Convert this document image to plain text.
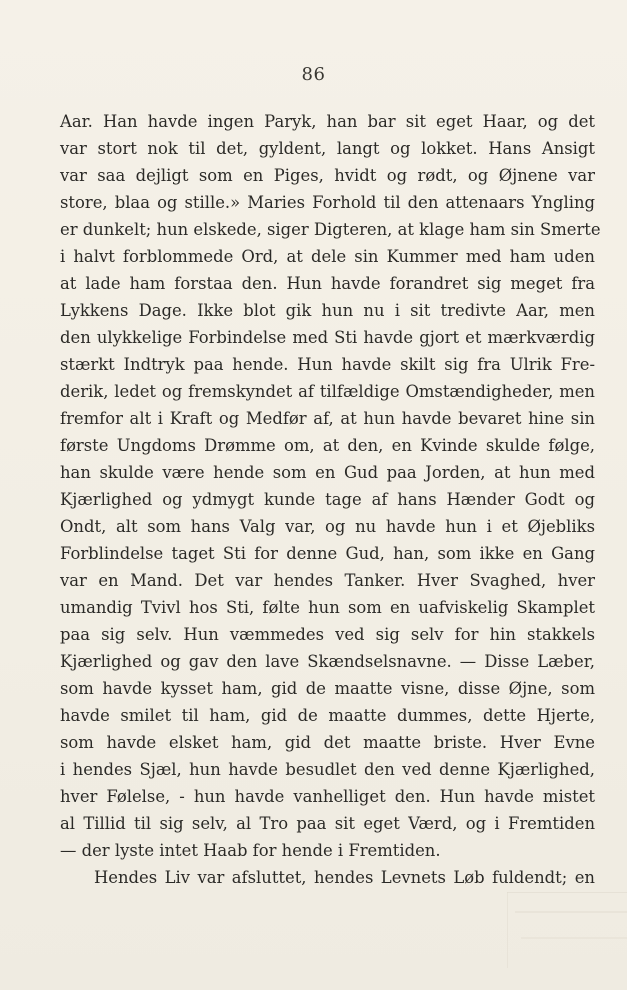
86
Aar. Han havde ingen Paryk, han bar sit eget Haar, og det
var stort nok til det, gyldent, langt og lokket. Hans Ansigt
var saa dejligt som en Piges, hvidt og rødt, og Øjnene var
store, blaa og stille.» Maries Forhold til den attenaars Yngling
er dunkelt; hun elskede, siger Digteren, at klage ham sin Smerte
i halvt forblommede Ord, at dele sin Kummer med ham uden
at lade ham forstaa den. Hun havde forandret sig meget fra
Lykkens Dage. Ikke blot gik hun nu i sit tredivte Aar, men
den ulykkelige Forbindelse med Sti havde gjort et mærkværdig
stærkt Indtryk paa hende. Hun havde skilt sig fra Ulrik Fre-
derik, ledet og fremskyndet af tilfældige Omstændigheder, men
fremfor alt i Kraft og Medfør af, at hun havde bevaret hine sin
første Ungdoms Drømme om, at den, en Kvinde skulde følge,
han skulde være hende som en Gud paa Jorden, at hun med
Kjærlighed og ydmygt kunde tage af hans Hænder Godt og
Ondt, alt som hans Valg var, og nu havde hun i et Øjebliks
Forblindelse taget Sti for denne Gud, han, som ikke en Gang
var en Mand. Det var hendes Tanker. Hver Svaghed, hver
umandig Tvivl hos Sti, følte hun som en uafviskelig Skamplet
paa sig selv. Hun væmmedes ved sig selv for hin stakkels
Kjærlighed og gav den lave Skændselsnavne. — Disse Læber,
som havde kysset ham, gid de maatte visne, disse Øjne, som
havde smilet til ham, gid de maatte dummes, dette Hjerte,
som havde elsket ham, gid det maatte briste. Hver Evne
i hendes Sjæl, hun havde besudlet den ved denne Kjærlighed,
hver Følelse, - hun havde vanhelliget den. Hun havde mistet
al Tillid til sig selv, al Tro paa sit eget Værd, og i Fremtiden
— der lyste intet Haab for hende i Fremtiden.
Hendes Liv var afsluttet, hendes Levnets Løb fuldendt; en
